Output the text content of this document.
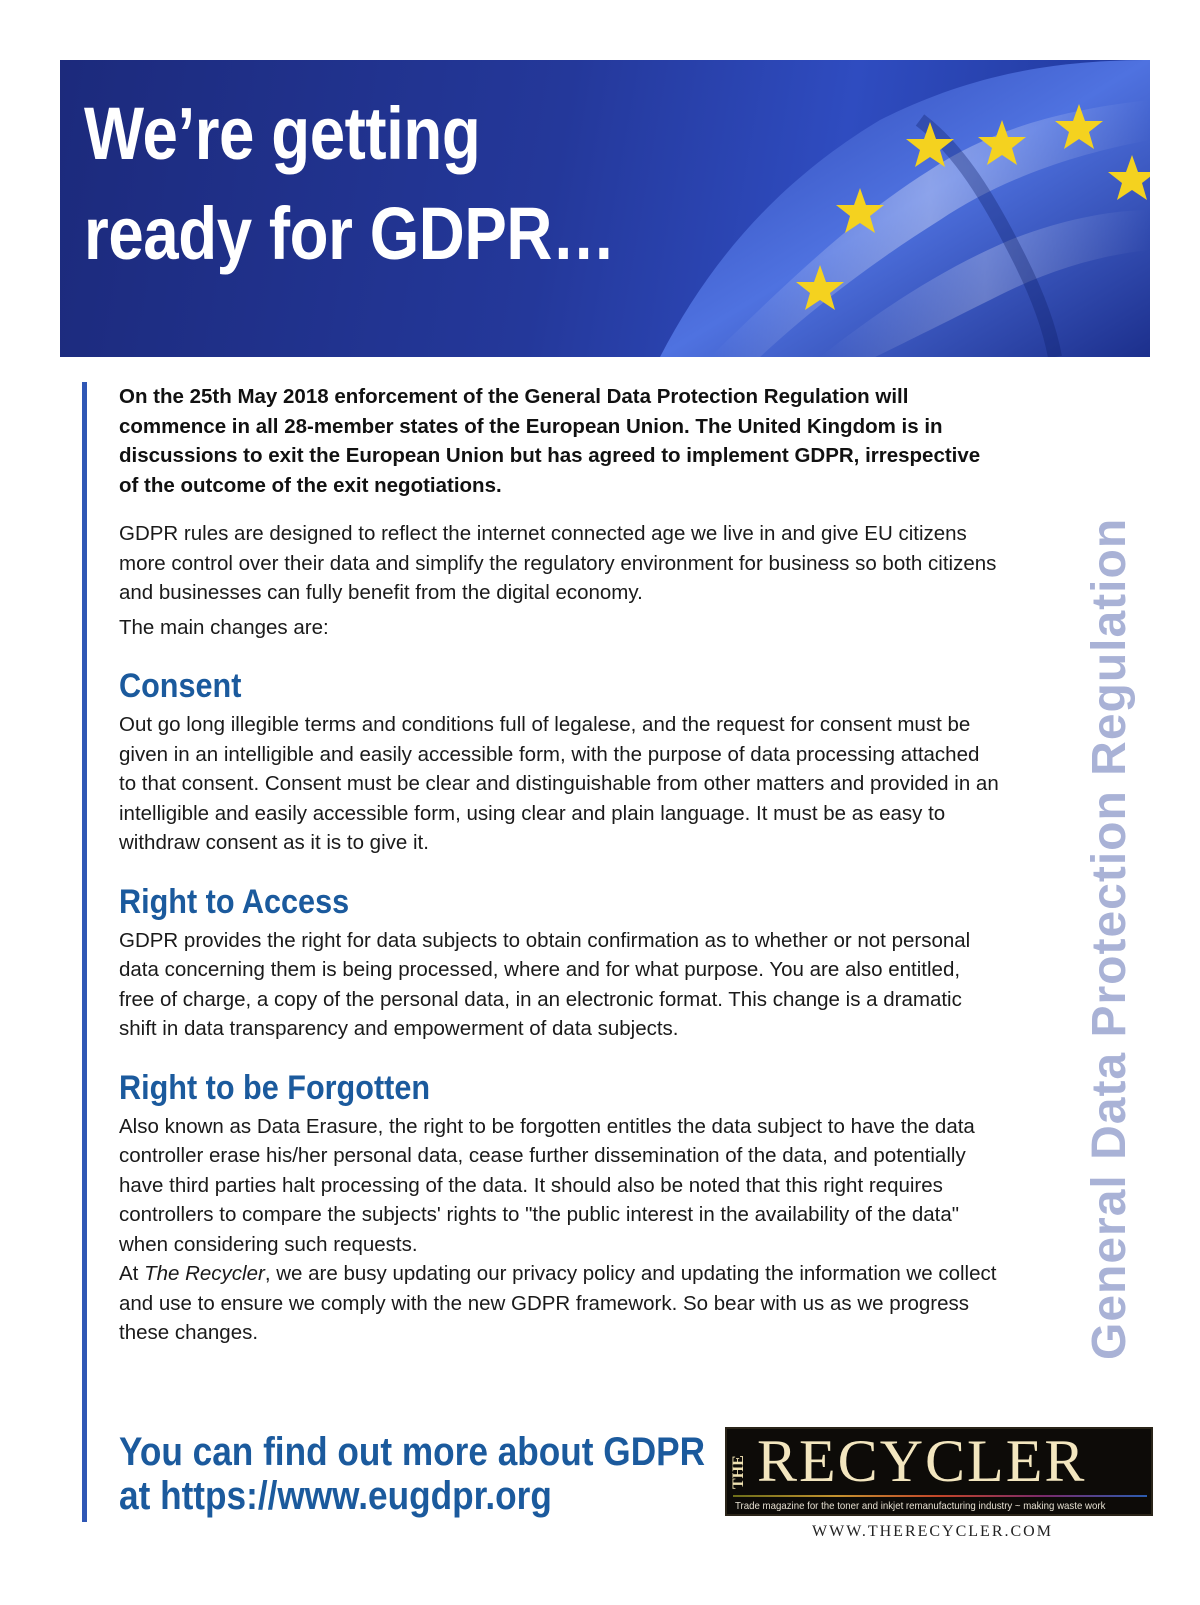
We’re getting
ready for GDPR…
General Data Protection Regulation

On the 25th May 2018 enforcement of the General Data Protection Regulation will commence in all 28-member states of the European Union. The United Kingdom is in discussions to exit the European Union but has agreed to implement GDPR, irrespective of the outcome of the exit negotiations.

GDPR rules are designed to reflect the internet connected age we live in and give EU citizens more control over their data and simplify the regulatory environment for business so both citizens and businesses can fully benefit from the digital economy.

The main changes are:

Consent

Out go long illegible terms and conditions full of legalese, and the request for consent must be given in an intelligible and easily accessible form, with the purpose of data processing attached to that consent. Consent must be clear and distinguishable from other matters and provided in an intelligible and easily accessible form, using clear and plain language. It must be as easy to withdraw consent as it is to give it.

Right to Access

GDPR provides the right for data subjects to obtain confirmation as to whether or not personal data concerning them is being processed, where and for what purpose. You are also entitled, free of charge, a copy of the personal data, in an electronic format. This change is a dramatic shift in data transparency and empowerment of data subjects.

Right to be Forgotten

Also known as Data Erasure, the right to be forgotten entitles the data subject to have the data controller erase his/her personal data, cease further dissemination of the data, and potentially have third parties halt processing of the data. It should also be noted that this right requires controllers to compare the subjects' rights to "the public interest in the availability of the data" when considering such requests.

At The Recycler, we are busy updating our privacy policy and updating the information we collect and use to ensure we comply with the new GDPR framework. So bear with us as we progress these changes.

You can find out more about GDPR
at https://www.eugdpr.org
THE RECYCLER
Trade magazine for the toner and inkjet remanufacturing industry ~ making waste work
WWW.THERECYCLER.COM
